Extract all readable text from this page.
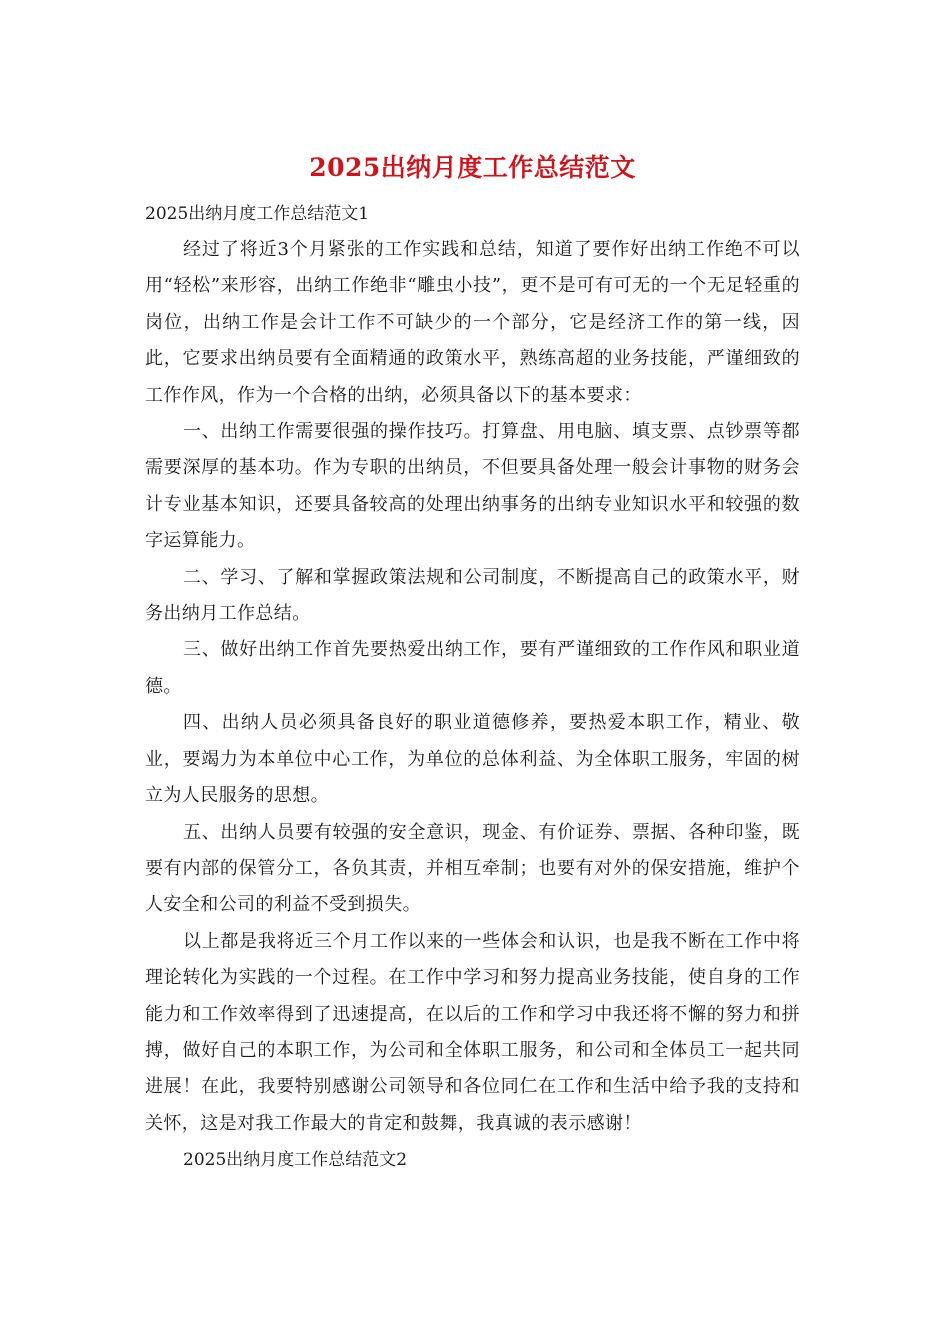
2025出纳月度工作总结范文

2025出纳月度工作总结范文1

经过了将近3个月紧张的工作实践和总结，知道了要作好出纳工作绝不可以用“轻松”来形容，出纳工作绝非“雕虫小技”，更不是可有可无的一个无足轻重的岗位，出纳工作是会计工作不可缺少的一个部分，它是经济工作的第一线，因此，它要求出纳员要有全面精通的政策水平，熟练高超的业务技能，严谨细致的工作作风，作为一个合格的出纳，必须具备以下的基本要求：

一、出纳工作需要很强的操作技巧。打算盘、用电脑、填支票、点钞票等都需要深厚的基本功。作为专职的出纳员，不但要具备处理一般会计事物的财务会计专业基本知识，还要具备较高的处理出纳事务的出纳专业知识水平和较强的数字运算能力。

二、学习、了解和掌握政策法规和公司制度，不断提高自己的政策水平，财务出纳月工作总结。

三、做好出纳工作首先要热爱出纳工作，要有严谨细致的工作作风和职业道德。

四、出纳人员必须具备良好的职业道德修养，要热爱本职工作，精业、敬业，要竭力为本单位中心工作，为单位的总体利益、为全体职工服务，牢固的树立为人民服务的思想。

五、出纳人员要有较强的安全意识，现金、有价证券、票据、各种印鉴，既要有内部的保管分工，各负其责，并相互牵制；也要有对外的保安措施，维护个人安全和公司的利益不受到损失。

以上都是我将近三个月工作以来的一些体会和认识，也是我不断在工作中将理论转化为实践的一个过程。在工作中学习和努力提高业务技能，使自身的工作能力和工作效率得到了迅速提高，在以后的工作和学习中我还将不懈的努力和拼搏，做好自己的本职工作，为公司和全体职工服务，和公司和全体员工一起共同进展！在此，我要特别感谢公司领导和各位同仁在工作和生活中给予我的支持和关怀，这是对我工作最大的肯定和鼓舞，我真诚的表示感谢！

2025出纳月度工作总结范文2
